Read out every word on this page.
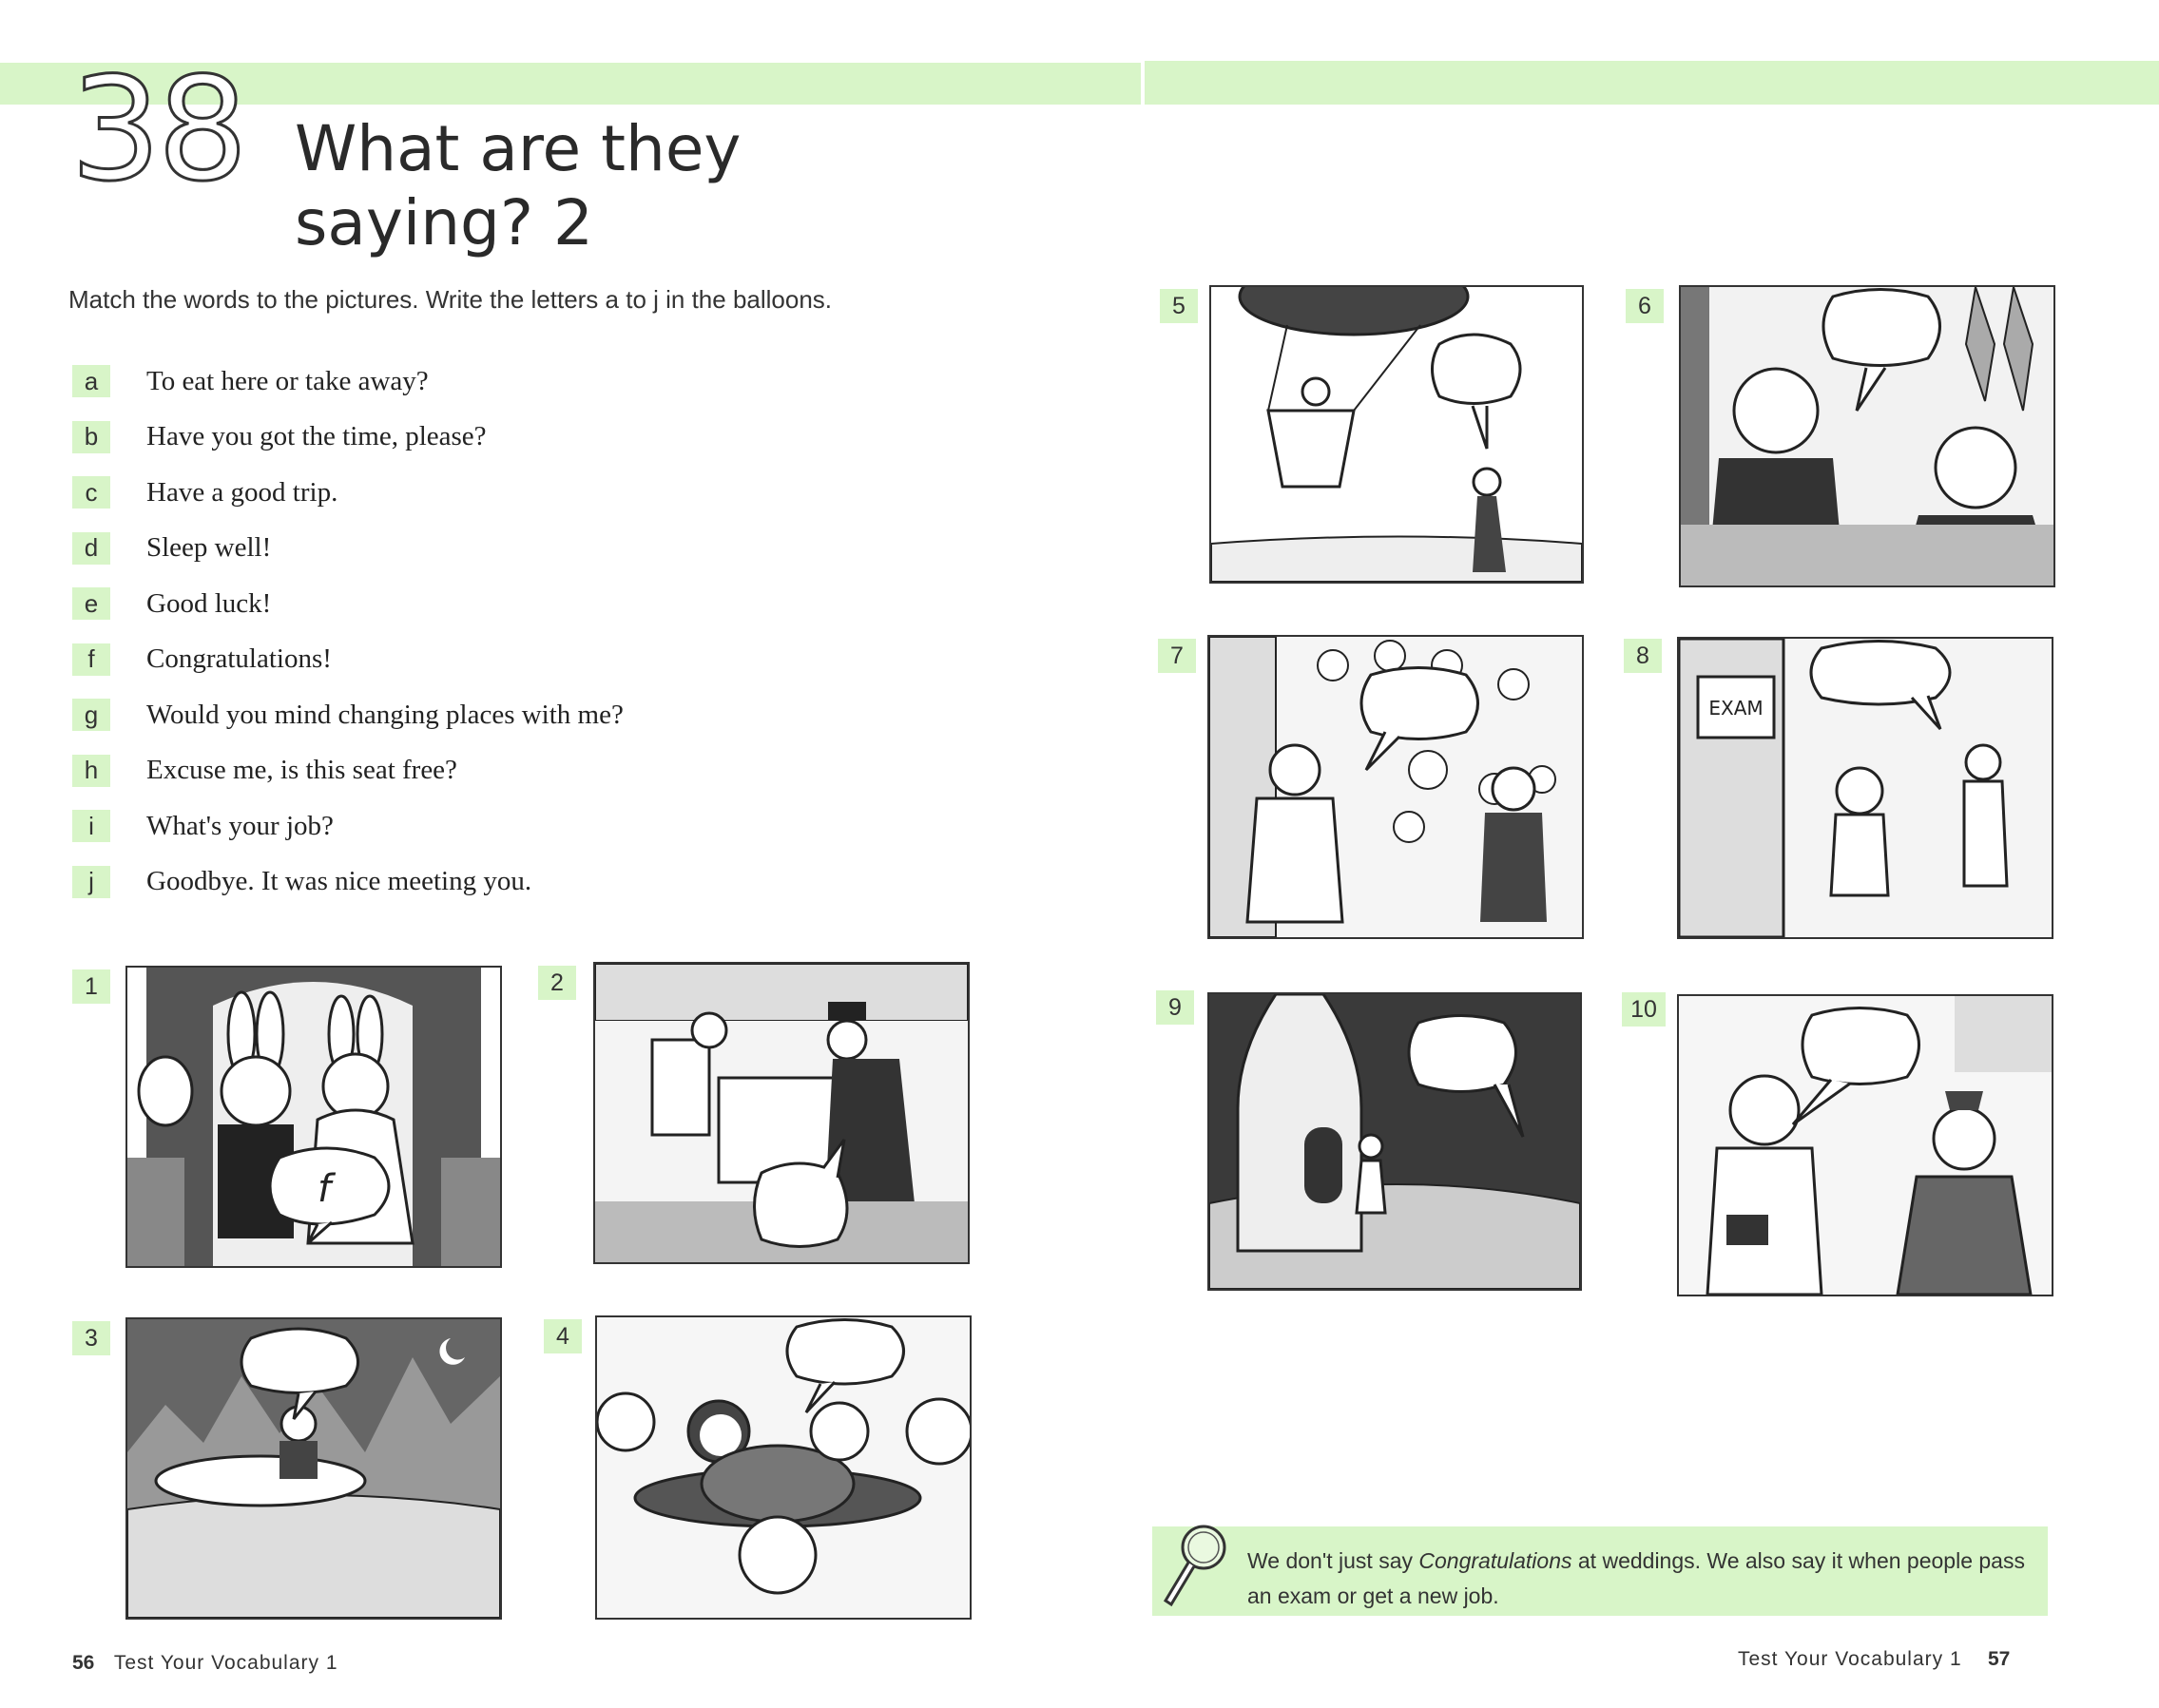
38 What are they saying? 2
Match the words to the pictures. Write the letters a to j in the balloons.
a	To eat here or take away?
b	Have you got the time, please?
c	Have a good trip.
d	Sleep well!
e	Good luck!
f	Congratulations!
g	Would you mind changing places with me?
h	Excuse me, is this seat free?
i	What's your job?
j	Goodbye. It was nice meeting you.
1
f
2
3	4
5	6
7	8
EXAM
9	10
We don't just say Congratulations at weddings. We also say it when people pass an exam or get a new job.
56 Test Your Vocabulary 1	Test Your Vocabulary 1 57
